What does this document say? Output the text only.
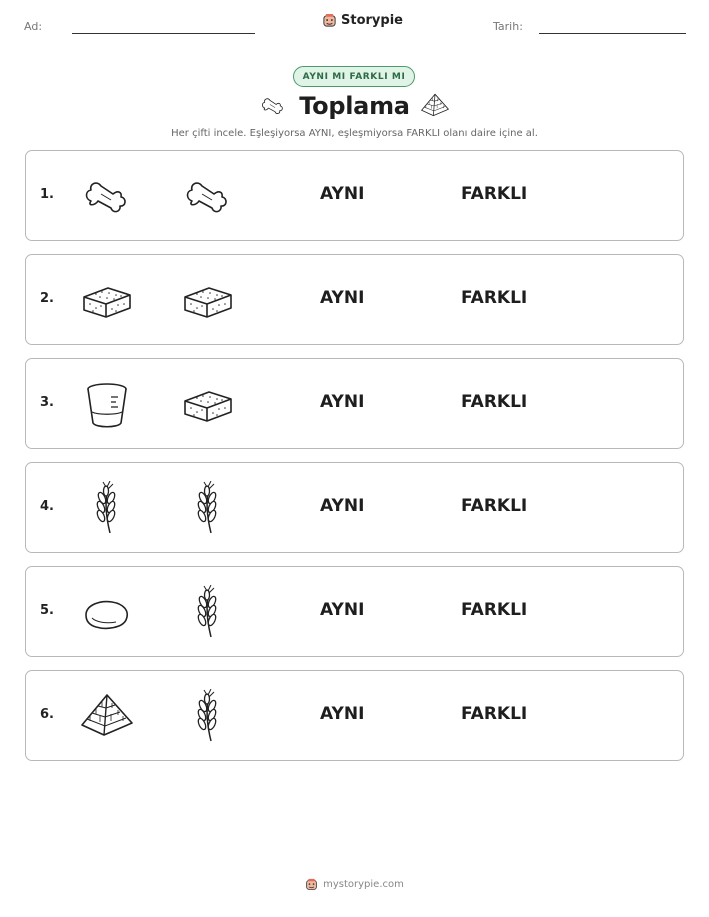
Ad:	Storypie	Tarih:
AYNI MI FARKLI MI
Toplama
Her çifti incele. Eşleşiyorsa AYNI, eşleşmiyorsa FARKLI olanı daire içine al.
1.	AYNI	FARKLI
2.	AYNI	FARKLI
3.	AYNI	FARKLI
4.	AYNI	FARKLI
5.	AYNI	FARKLI
6.	AYNI	FARKLI
mystorypie.com
